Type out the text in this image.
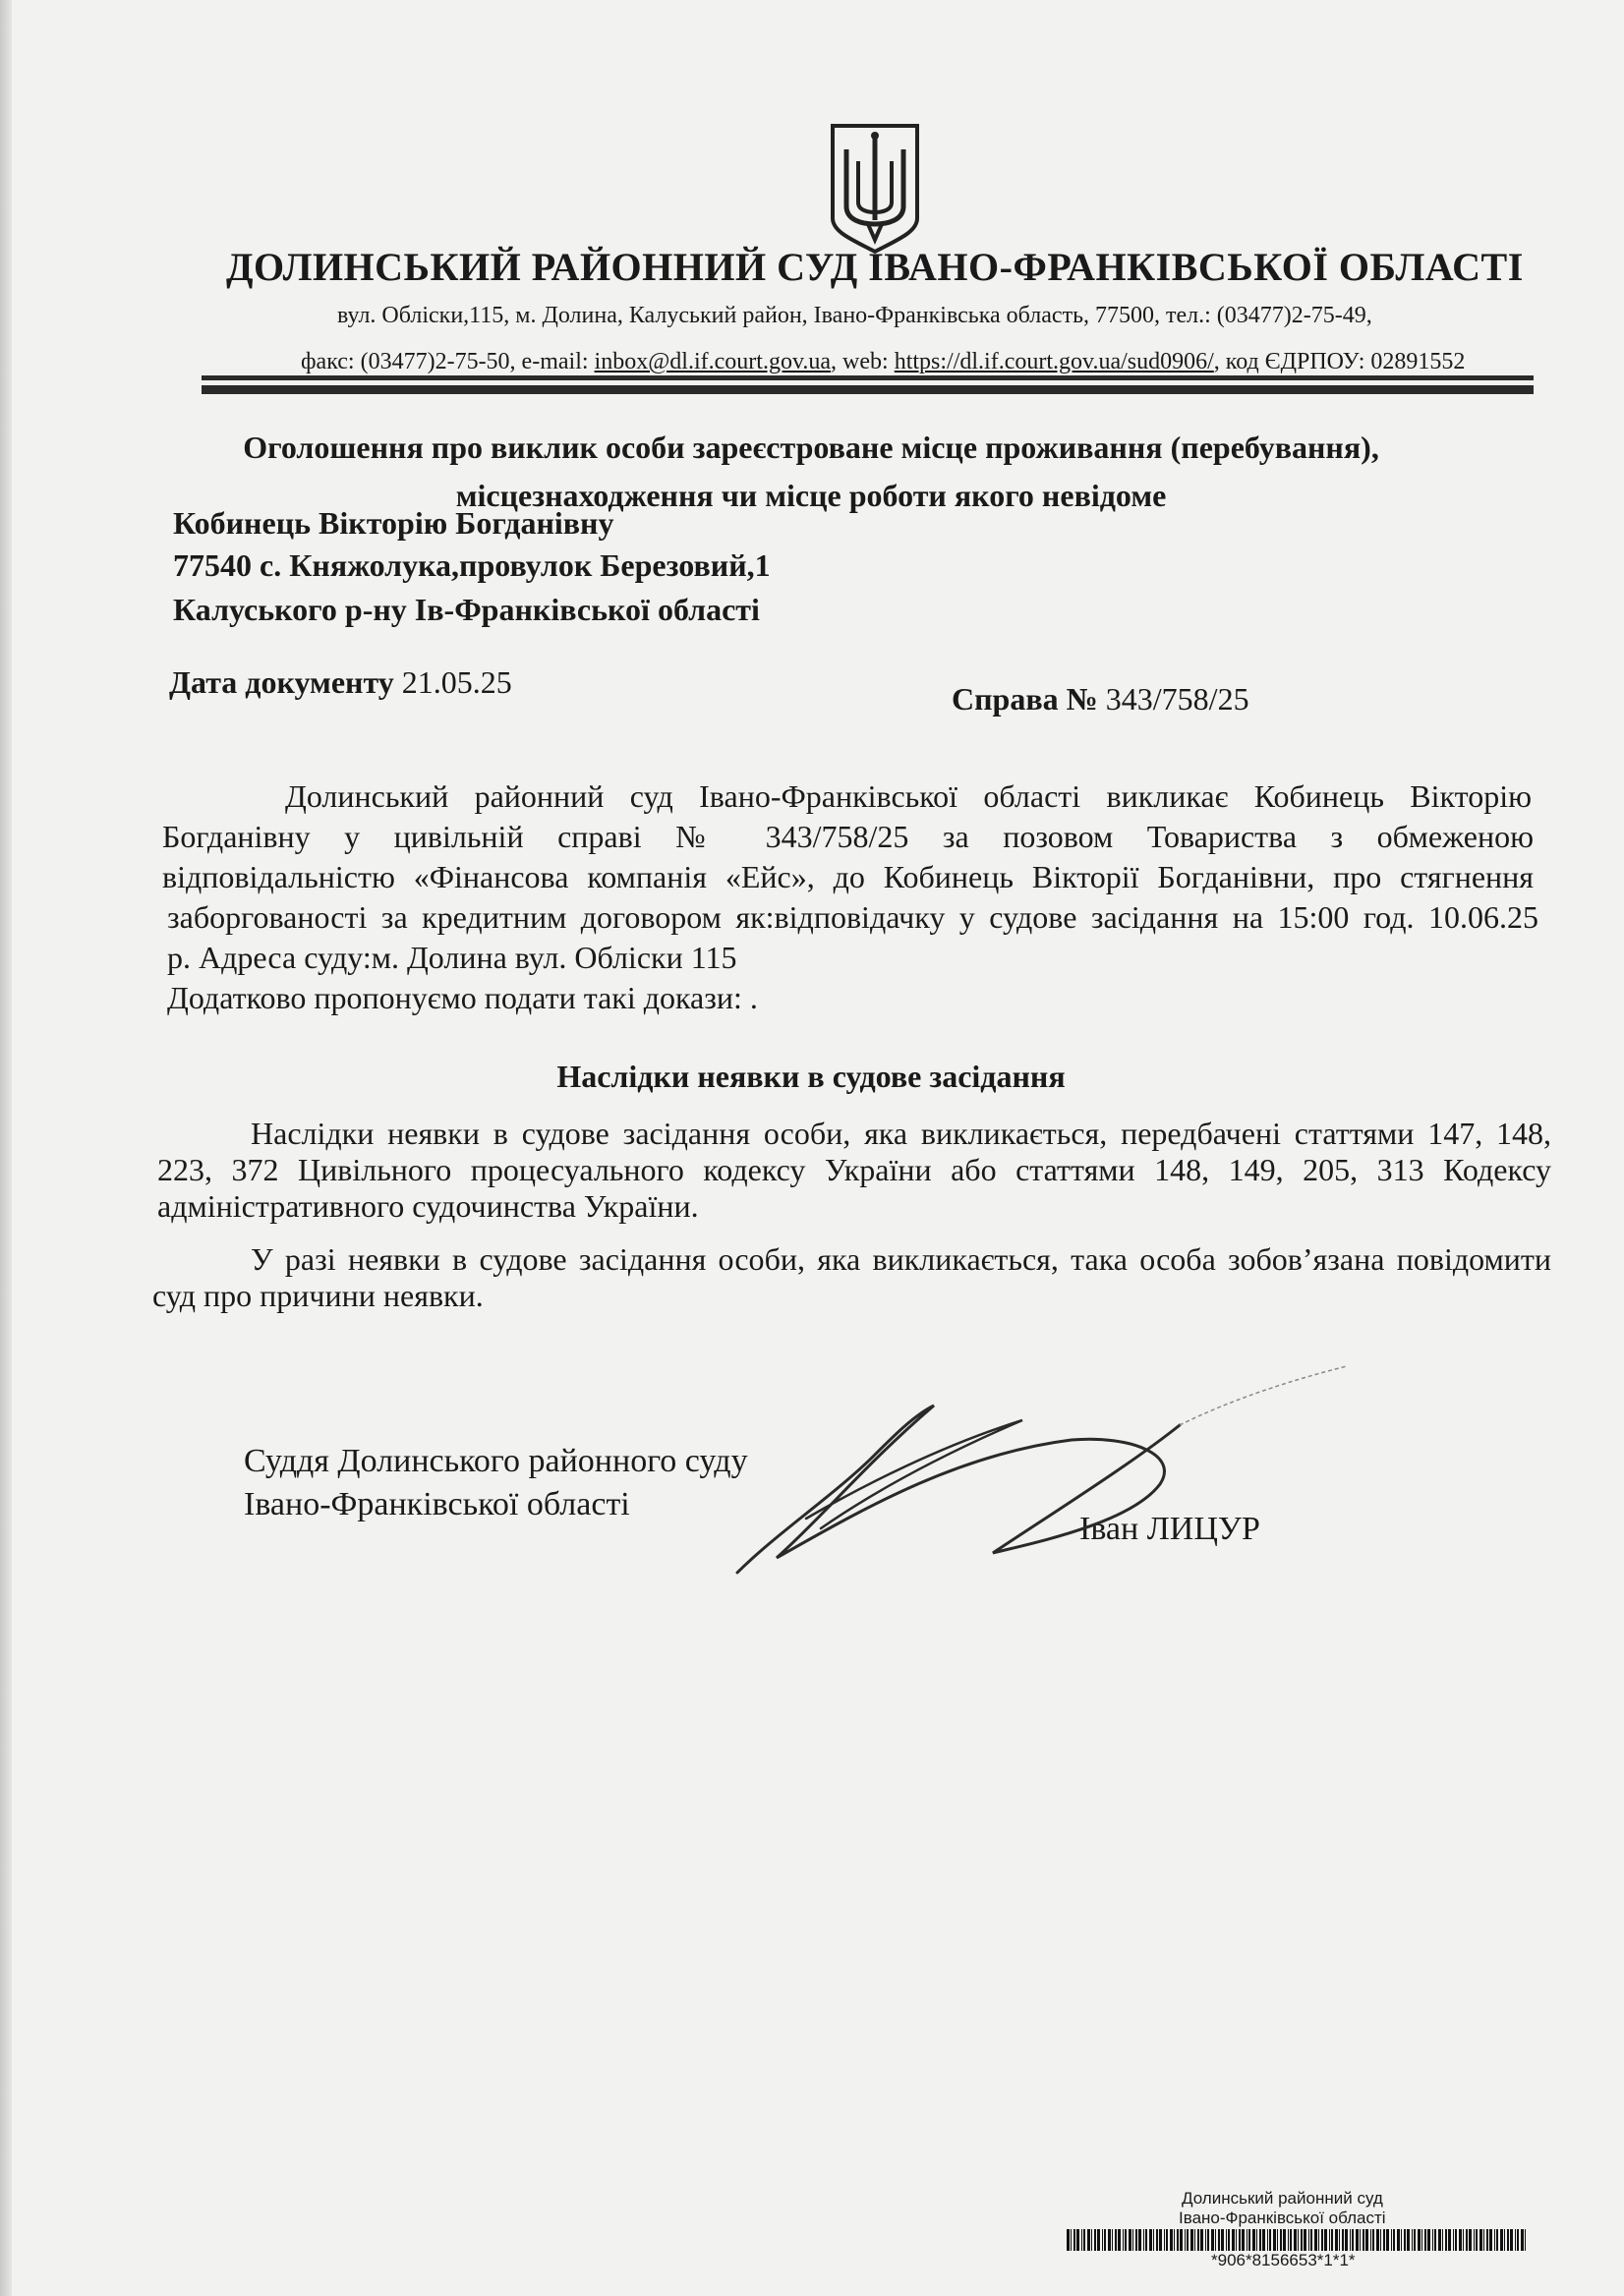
ДОЛИНСЬКИЙ РАЙОННИЙ СУД ІВАНО-ФРАНКІВСЬКОЇ ОБЛАСТІ
вул. Обліски,115, м. Долина, Калуський район, Івано-Франківська область, 77500, тел.: (03477)2-75-49,
факс: (03477)2-75-50, e-mail: inbox@dl.if.court.gov.ua, web: https://dl.if.court.gov.ua/sud0906/, код ЄДРПОУ: 02891552
Оголошення про виклик особи зареєстроване місце проживання (перебування),
місцезнаходження чи місце роботи якого невідоме
Кобинець Вікторію Богданівну
77540 с. Княжолука,провулок Березовий,1
Калуського р-ну Ів-Франківської області
Дата документу 21.05.25	Справа № 343/758/25
Долинський районний суд Івано-Франківської області викликає Кобинець Вікторію
Богданівну у цивільній справі № 343/758/25 за позовом Товариства з обмеженою
відповідальністю «Фінансова компанія «Ейс», до Кобинець Вікторії Богданівни, про стягнення
заборгованості за кредитним договором як:відповідачку у судове засідання на 15:00 год. 10.06.25
р. Адреса суду:м. Долина вул. Обліски 115
Додатково пропонуємо подати такі докази: .
Наслідки неявки в судове засідання
Наслідки неявки в судове засідання особи, яка викликається, передбачені статтями 147, 148, 223, 372 Цивільного процесуального кодексу України або статтями 148, 149, 205, 313 Кодексу адміністративного судочинства України.
У разі неявки в судове засідання особи, яка викликається, така особа зобов’язана повідомити суд про причини неявки.
Суддя Долинського районного суду
Івано-Франківської області
Іван ЛИЦУР
Долинський районний суд
Івано-Франківської області
*906*8156653*1*1*
